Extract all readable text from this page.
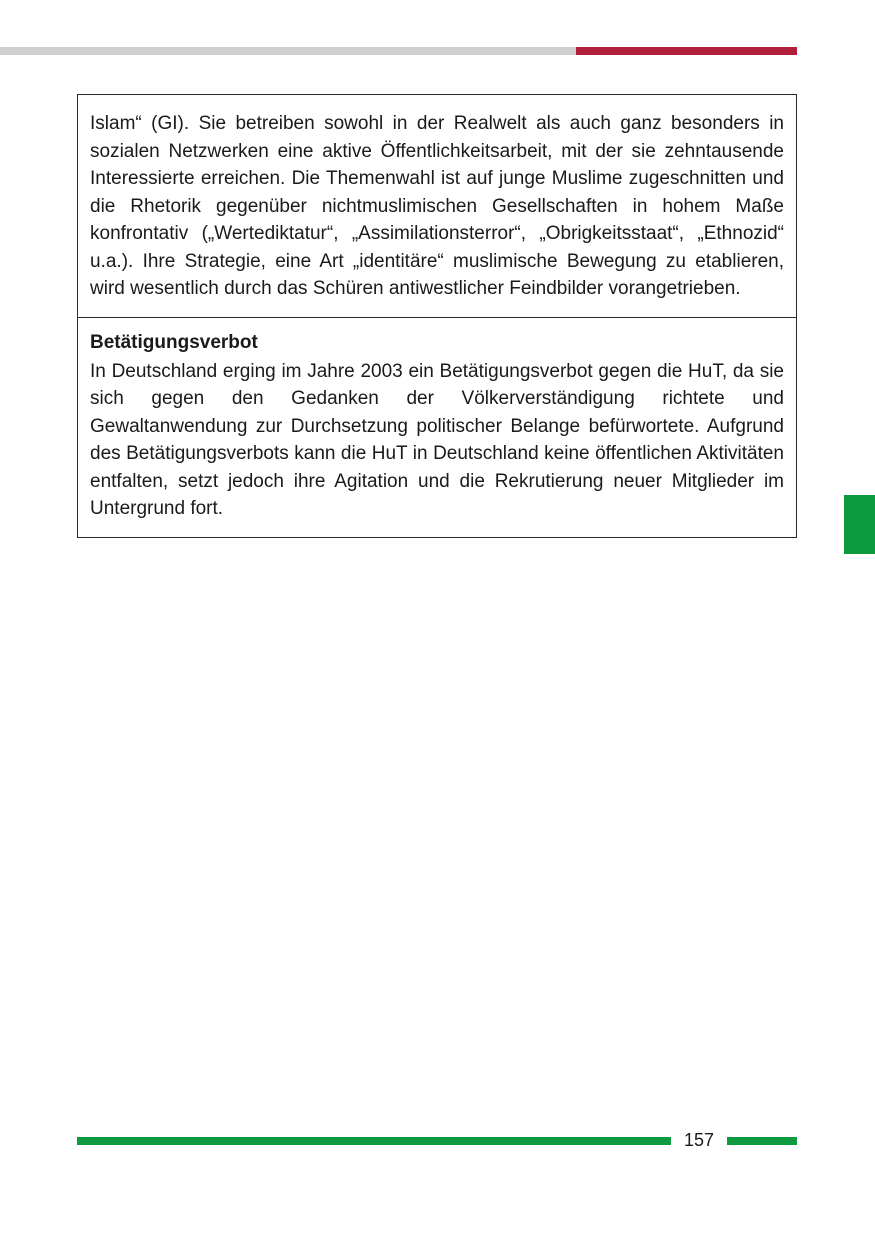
Islam“ (GI). Sie betreiben sowohl in der Realwelt als auch ganz besonders in sozialen Netzwerken eine aktive Öffentlichkeitsarbeit, mit der sie zehntausende Interessierte erreichen. Die Themenwahl ist auf junge Muslime zugeschnitten und die Rhetorik gegenüber nichtmuslimischen Gesellschaften in hohem Maße konfrontativ („Wertediktatur“, „Assimilationsterror“, „Obrigkeitsstaat“, „Ethnozid“ u.a.). Ihre Strategie, eine Art „identitäre“ muslimische Bewegung zu etablieren, wird wesentlich durch das Schüren antiwestlicher Feindbilder vorangetrieben.

Betätigungsverbot

In Deutschland erging im Jahre 2003 ein Betätigungsverbot gegen die HuT, da sie sich gegen den Gedanken der Völkerverständigung richtete und Gewaltanwendung zur Durchsetzung politischer Belange befürwortete. Aufgrund des Betätigungsverbots kann die HuT in Deutschland keine öffentlichen Aktivitäten entfalten, setzt jedoch ihre Agitation und die Rekrutierung neuer Mitglieder im Untergrund fort.

157
